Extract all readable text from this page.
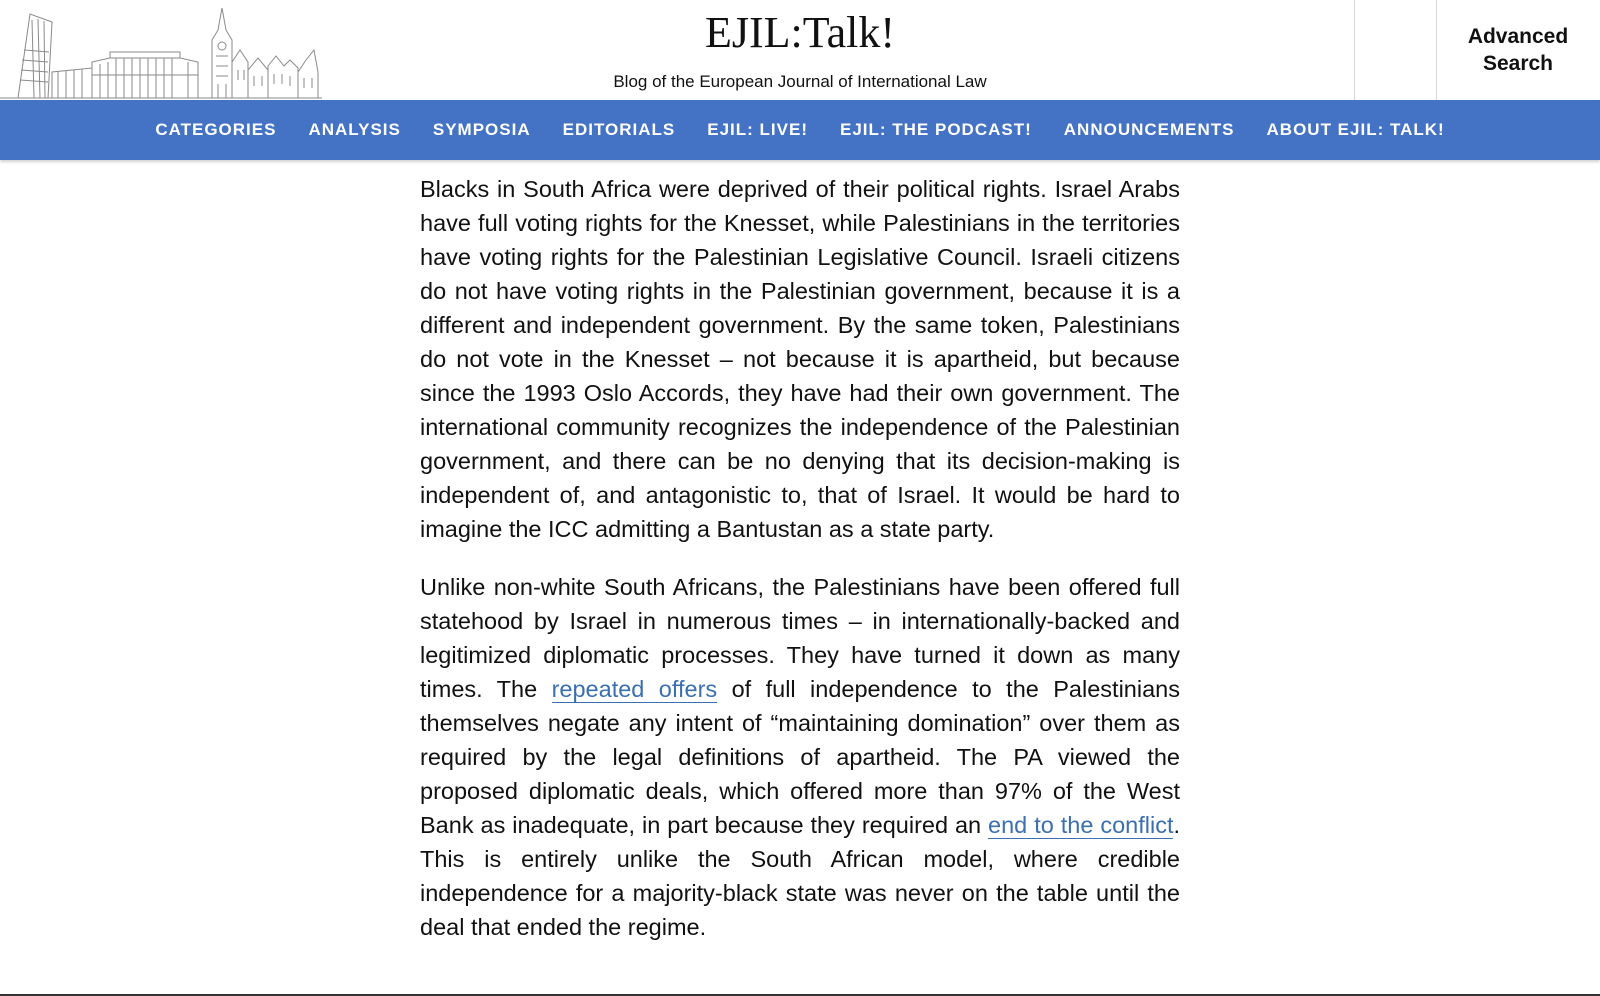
EJIL:Talk!
Blog of the European Journal of International Law
Advanced
Search
CATEGORIES ANALYSIS SYMPOSIA EDITORIALS EJIL: LIVE! EJIL: THE PODCAST! ANNOUNCEMENTS ABOUT EJIL: TALK!

Blacks in South Africa were deprived of their political rights. Israel Arabs have full voting rights for the Knesset, while Palestinians in the territories have voting rights for the Palestinian Legislative Council. Israeli citizens do not have voting rights in the Palestinian government, because it is a different and independent government. By the same token, Palestinians do not vote in the Knesset – not because it is apartheid, but because since the 1993 Oslo Accords, they have had their own government. The international community recognizes the independence of the Palestinian government, and there can be no denying that its decision-making is independent of, and antagonistic to, that of Israel. It would be hard to imagine the ICC admitting a Bantustan as a state party.

Unlike non-white South Africans, the Palestinians have been offered full statehood by Israel in numerous times – in internationally-backed and legitimized diplomatic processes. They have turned it down as many times. The repeated offers of full independence to the Palestinians themselves negate any intent of “maintaining domination” over them as required by the legal definitions of apartheid. The PA viewed the proposed diplomatic deals, which offered more than 97% of the West Bank as inadequate, in part because they required an end to the conflict. This is entirely unlike the South African model, where credible independence for a majority-black state was never on the table until the deal that ended the regime.
